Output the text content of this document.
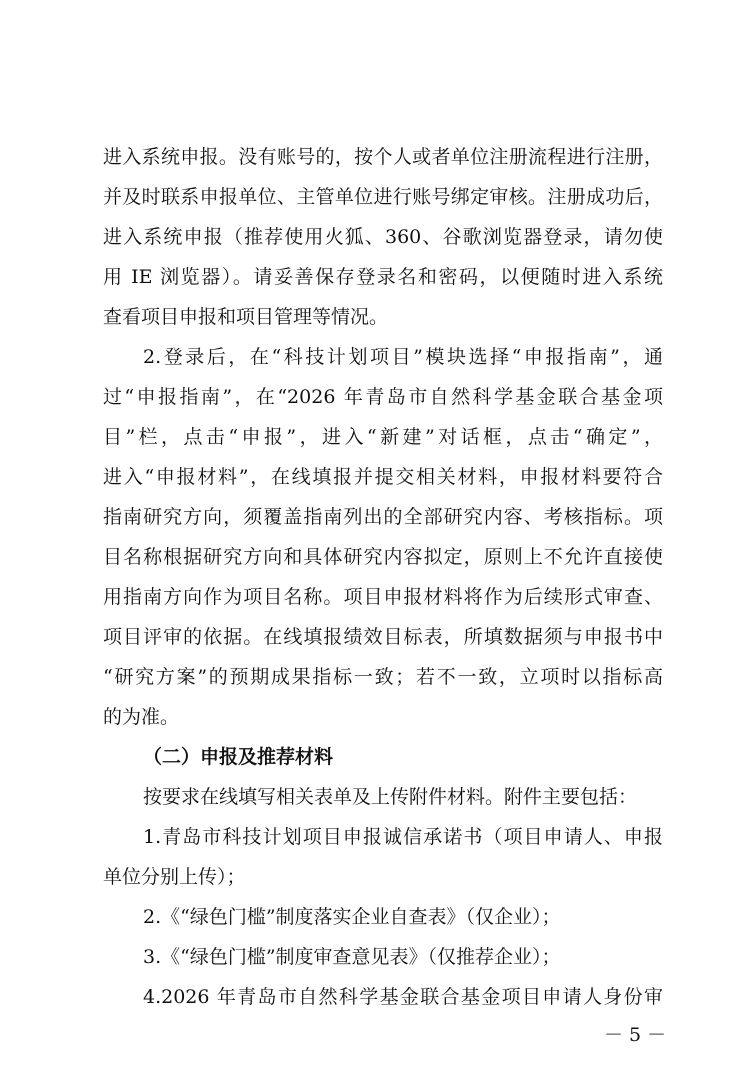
进入系统申报。没有账号的，按个人或者单位注册流程进行注册，
并及时联系申报单位、主管单位进行账号绑定审核。注册成功后，
进入系统申报（推荐使用火狐、360、谷歌浏览器登录，请勿使
用 IE 浏览器）。请妥善保存登录名和密码，以便随时进入系统
查看项目申报和项目管理等情况。
2.登录后，在“科技计划项目”模块选择“申报指南”，通
过“申报指南”，在“2026 年青岛市自然科学基金联合基金项
目”栏，点击“申报”，进入“新建”对话框，点击“确定”，
进入“申报材料”，在线填报并提交相关材料，申报材料要符合
指南研究方向，须覆盖指南列出的全部研究内容、考核指标。项
目名称根据研究方向和具体研究内容拟定，原则上不允许直接使
用指南方向作为项目名称。项目申报材料将作为后续形式审查、
项目评审的依据。在线填报绩效目标表，所填数据须与申报书中
“研究方案”的预期成果指标一致；若不一致，立项时以指标高
的为准。
（二）申报及推荐材料
按要求在线填写相关表单及上传附件材料。附件主要包括：
1.青岛市科技计划项目申报诚信承诺书（项目申请人、申报
单位分别上传）；
2.《“绿色门槛”制度落实企业自查表》（仅企业）；
3.《“绿色门槛”制度审查意见表》（仅推荐企业）；
4.2026 年青岛市自然科学基金联合基金项目申请人身份审
－ 5 －
